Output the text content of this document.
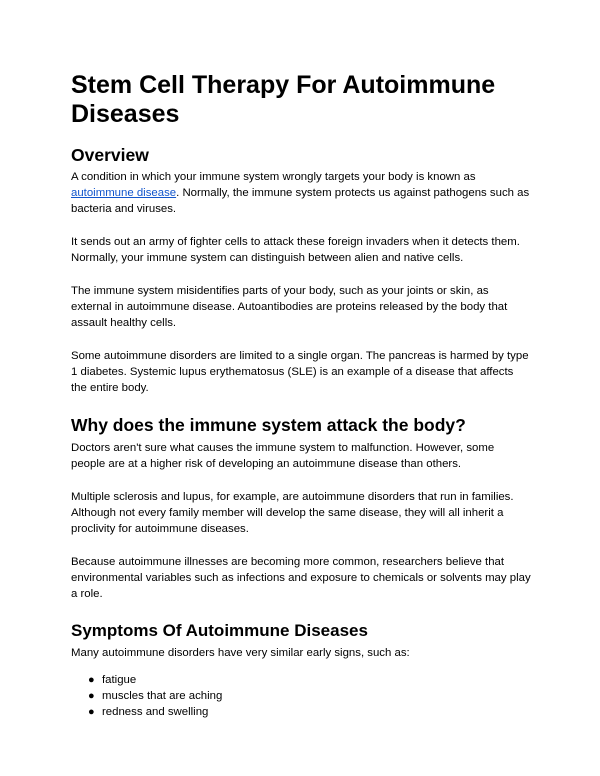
Stem Cell Therapy For Autoimmune Diseases
Overview

A condition in which your immune system wrongly targets your body is known as autoimmune disease. Normally, the immune system protects us against pathogens such as bacteria and viruses.

It sends out an army of fighter cells to attack these foreign invaders when it detects them. Normally, your immune system can distinguish between alien and native cells.

The immune system misidentifies parts of your body, such as your joints or skin, as external in autoimmune disease. Autoantibodies are proteins released by the body that assault healthy cells.

Some autoimmune disorders are limited to a single organ. The pancreas is harmed by type 1 diabetes. Systemic lupus erythematosus (SLE) is an example of a disease that affects the entire body.

Why does the immune system attack the body?

Doctors aren't sure what causes the immune system to malfunction. However, some people are at a higher risk of developing an autoimmune disease than others.

Multiple sclerosis and lupus, for example, are autoimmune disorders that run in families. Although not every family member will develop the same disease, they will all inherit a proclivity for autoimmune diseases.

Because autoimmune illnesses are becoming more common, researchers believe that environmental variables such as infections and exposure to chemicals or solvents may play a role.

Symptoms Of Autoimmune Diseases

Many autoimmune disorders have very similar early signs, such as:

● fatigue
● muscles that are aching
● redness and swelling
